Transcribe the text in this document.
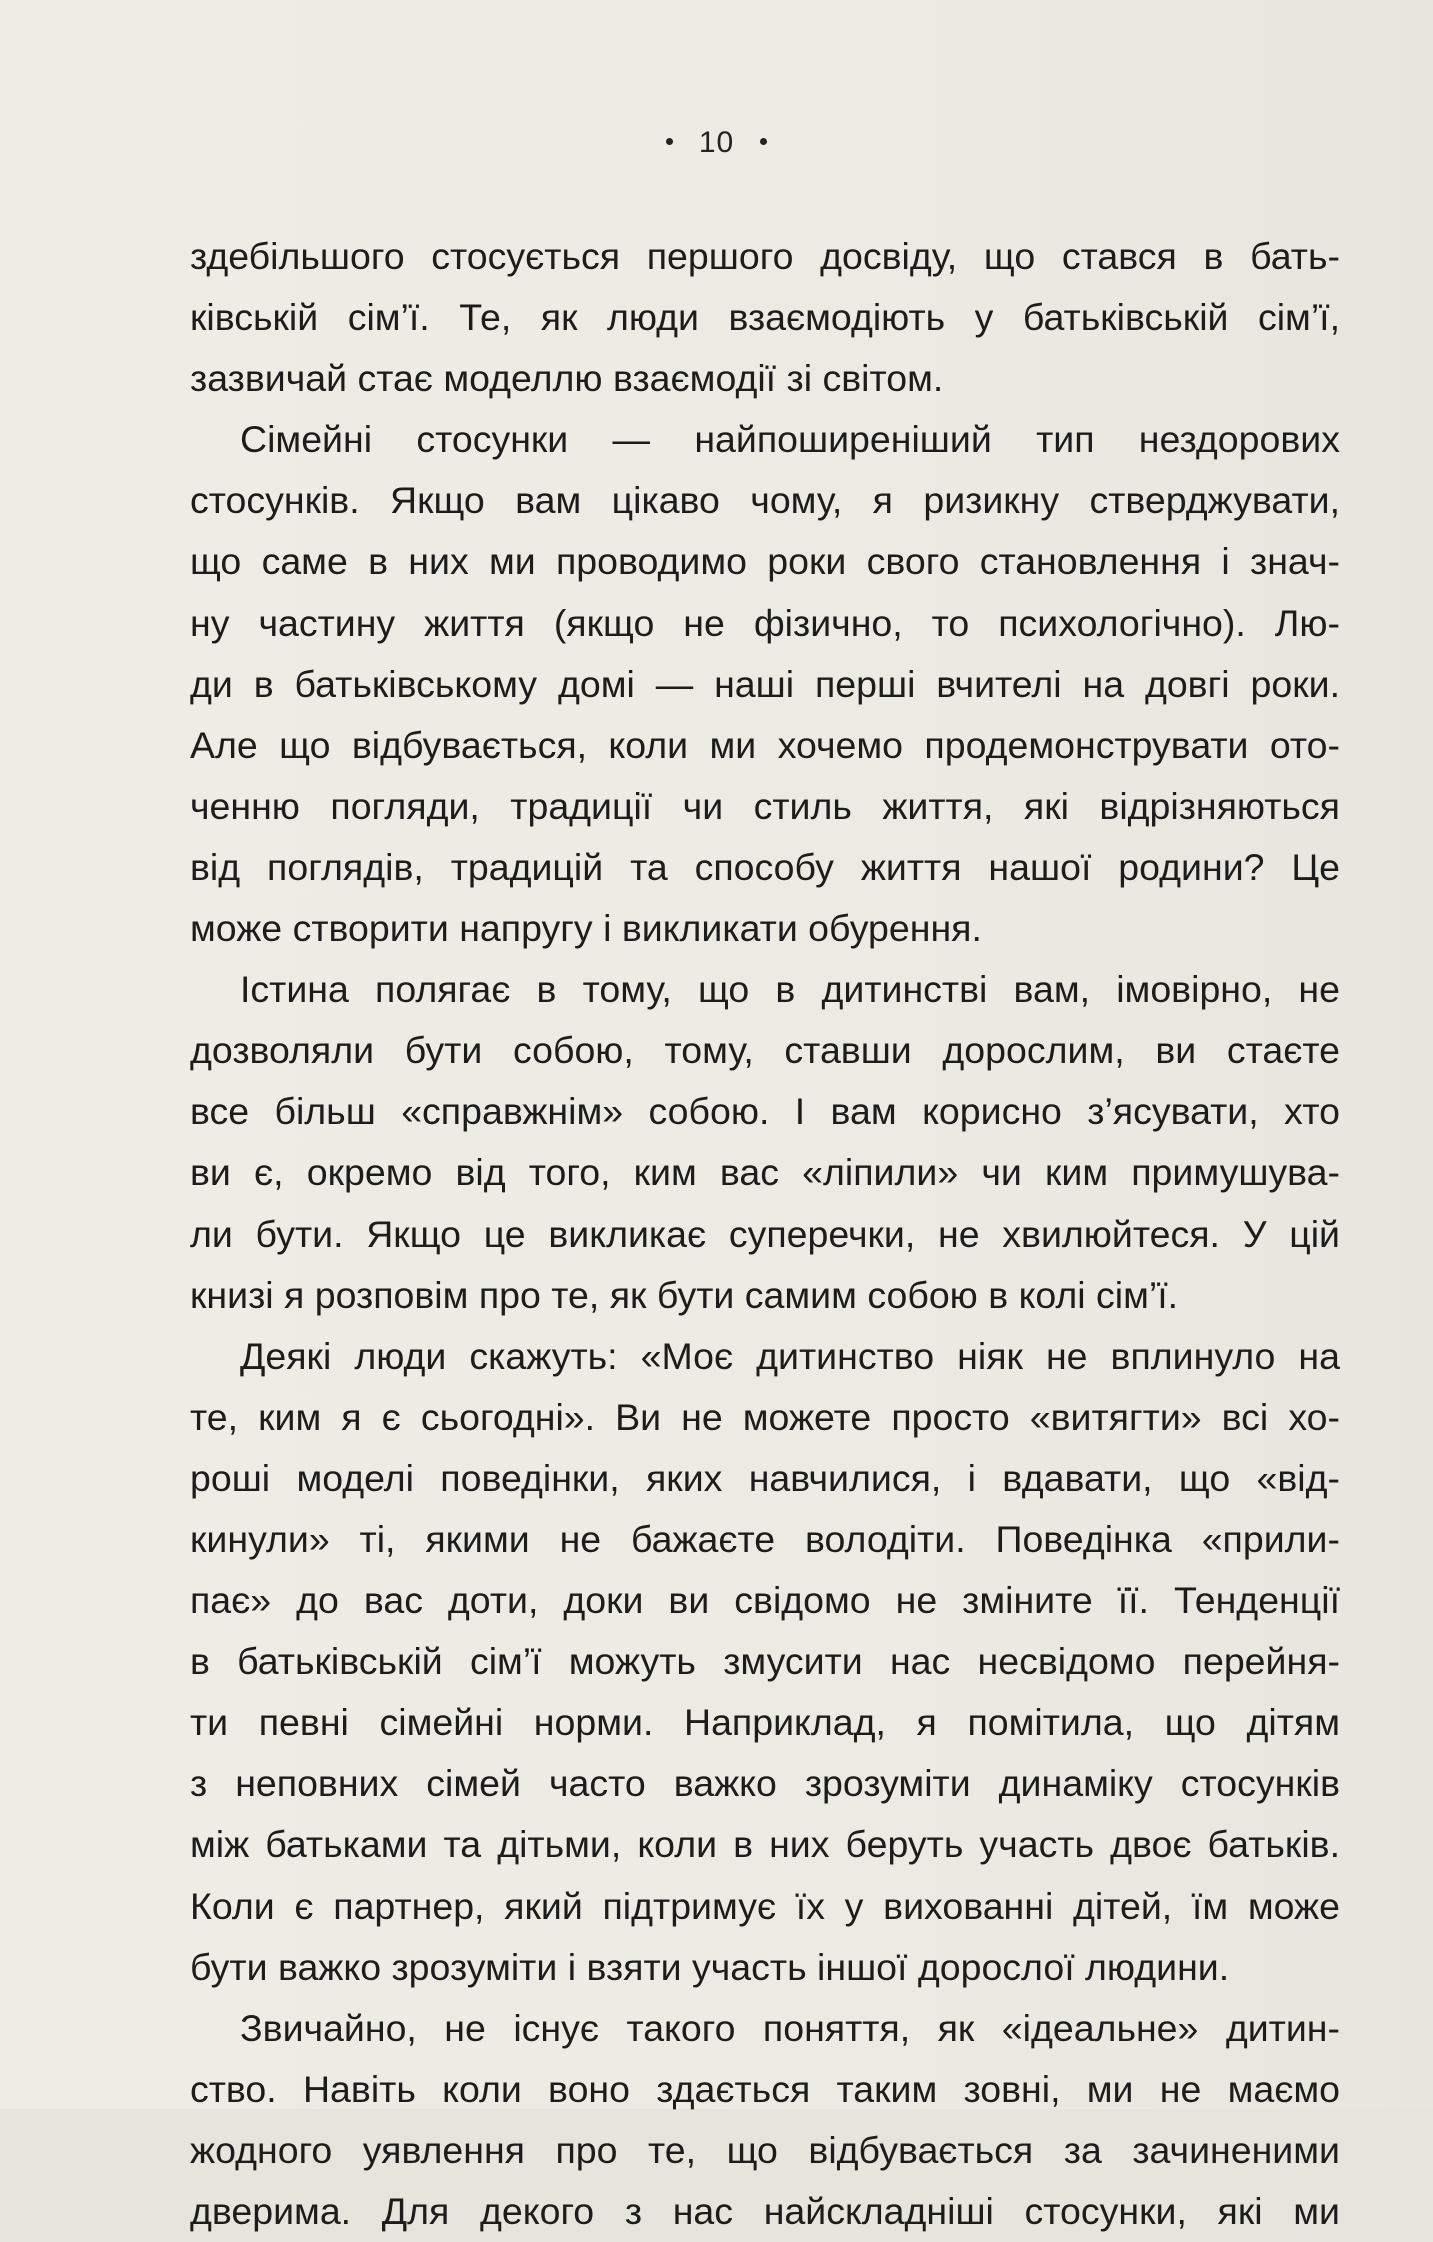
10
здебільшого стосується першого досвіду, що стався в бать-
ківській сім’ї. Те, як люди взаємодіють у батьківській сім’ї,
зазвичай стає моделлю взаємодії зі світом.
Сімейні стосунки — найпоширеніший тип нездорових
стосунків. Якщо вам цікаво чому, я ризикну стверджувати,
що саме в них ми проводимо роки свого становлення і знач-
ну частину життя (якщо не фізично, то психологічно). Лю-
ди в батьківському домі — наші перші вчителі на довгі роки.
Але що відбувається, коли ми хочемо продемонструвати ото-
ченню погляди, традиції чи стиль життя, які відрізняються
від поглядів, традицій та способу життя нашої родини? Це
може створити напругу і викликати обурення.
Істина полягає в тому, що в дитинстві вам, імовірно, не
дозволяли бути собою, тому, ставши дорослим, ви стаєте
все більш «справжнім» собою. І вам корисно з’ясувати, хто
ви є, окремо від того, ким вас «ліпили» чи ким примушува-
ли бути. Якщо це викликає суперечки, не хвилюйтеся. У цій
книзі я розповім про те, як бути самим собою в колі сім’ї.
Деякі люди скажуть: «Моє дитинство ніяк не вплинуло на
те, ким я є сьогодні». Ви не можете просто «витягти» всі хо-
роші моделі поведінки, яких навчилися, і вдавати, що «від-
кинули» ті, якими не бажаєте володіти. Поведінка «прили-
пає» до вас доти, доки ви свідомо не зміните її. Тенденції
в батьківській сім’ї можуть змусити нас несвідомо перейня-
ти певні сімейні норми. Наприклад, я помітила, що дітям
з неповних сімей часто важко зрозуміти динаміку стосунків
між батьками та дітьми, коли в них беруть участь двоє батьків.
Коли є партнер, який підтримує їх у вихованні дітей, їм може
бути важко зрозуміти і взяти участь іншої дорослої людини.
Звичайно, не існує такого поняття, як «ідеальне» дитин-
ство. Навіть коли воно здається таким зовні, ми не маємо
жодного уявлення про те, що відбувається за зачиненими
дверима. Для декого з нас найскладніші стосунки, які ми
